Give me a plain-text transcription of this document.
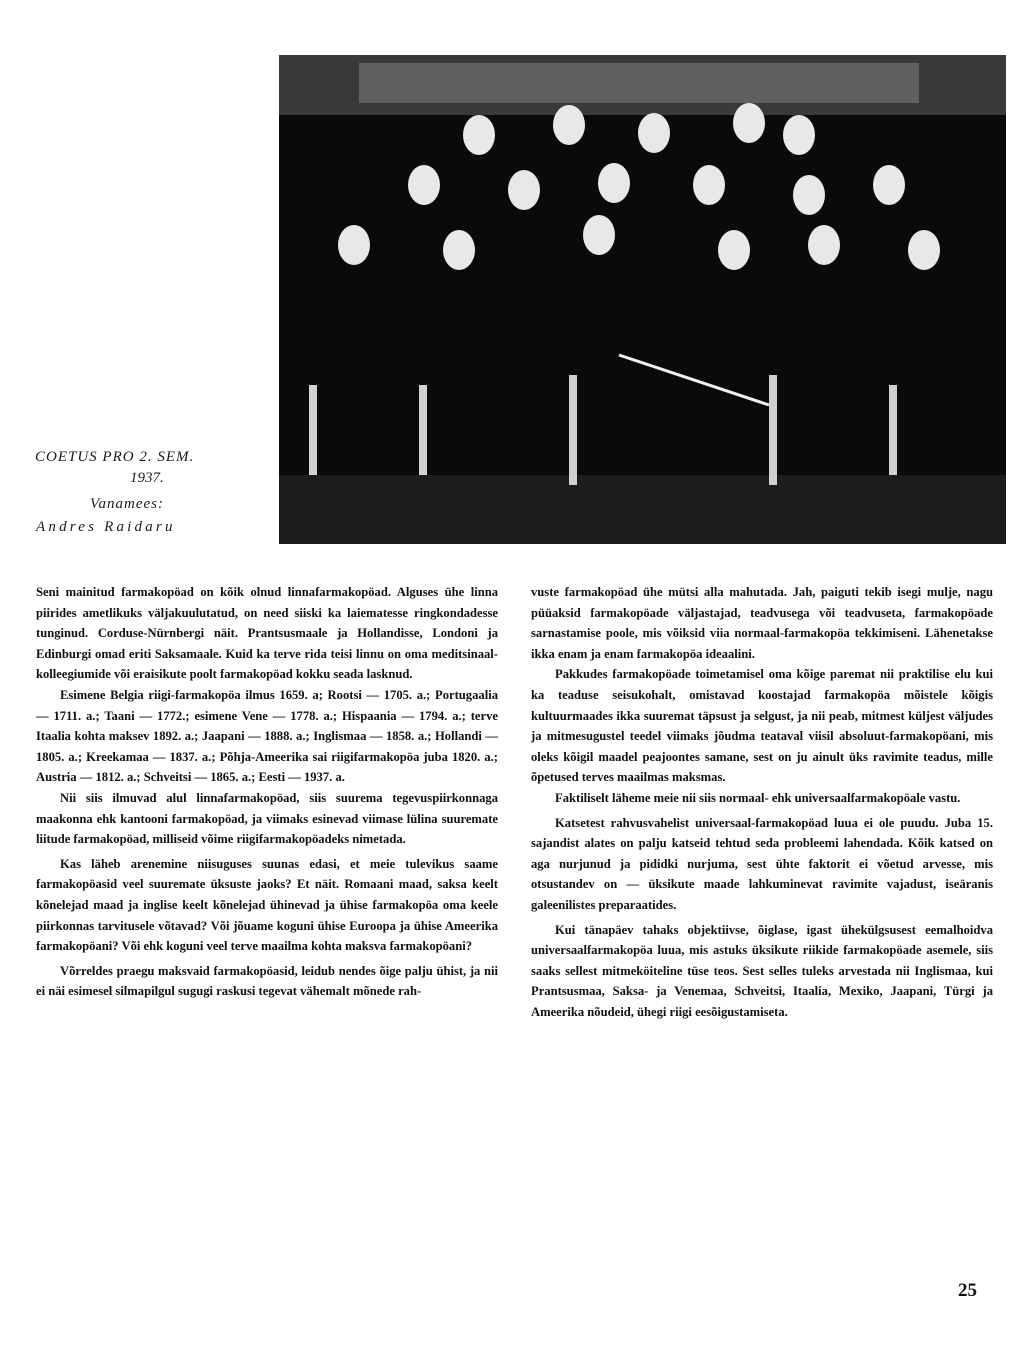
COETUS PRO 2. SEM.
1937.
Vanamees:
Andres Raidaru

Seni mainitud farmakopöad on kõik olnud linnafarmakopöad. Alguses ühe linna piirides ametlikuks väljakuulutatud, on need siiski ka laiematesse ringkondadesse tunginud. Corduse-Nürnbergi näit. Prantsusmaale ja Hollandisse, Londoni ja Edinburgi omad eriti Saksamaale. Kuid ka terve rida teisi linnu on oma meditsinaal-kolleegiumide või eraisikute poolt farmakopöad kokku seada lasknud.

Esimene Belgia riigi-farmakopöa ilmus 1659. a; Rootsi — 1705. a.; Portugaalia — 1711. a.; Taani — 1772.; esimene Vene — 1778. a.; Hispaania — 1794. a.; terve Itaalia kohta maksev 1892. a.; Jaapani — 1888. a.; Inglismaa — 1858. a.; Hollandi — 1805. a.; Kreekamaa — 1837. a.; Põhja-Ameerika sai riigifarmakopöa juba 1820. a.; Austria — 1812. a.; Schveitsi — 1865. a.; Eesti — 1937. a.

Nii siis ilmuvad alul linnafarmakopöad, siis suurema tegevuspiirkonnaga maakonna ehk kantooni farmakopöad, ja viimaks esinevad viimase lülina suuremate liitude farmakopöad, milliseid võime riigifarmakopöadeks nimetada.

Kas läheb arenemine niisuguses suunas edasi, et meie tulevikus saame farmakopöasid veel suuremate üksuste jaoks? Et näit. Romaani maad, saksa keelt kõnelejad maad ja inglise keelt kõnelejad ühinevad ja ühise farmakopöa oma keele piirkonnas tarvitusele võtavad? Või jõuame koguni ühise Euroopa ja ühise Ameerika farmakopöani? Või ehk koguni veel terve maailma kohta maksva farmakopöani?

Võrreldes praegu maksvaid farmakopöasid, leidub nendes õige palju ühist, ja nii ei näi esimesel silmapilgul sugugi raskusi tegevat vähemalt mõnede rah-

vuste farmakopöad ühe mütsi alla mahutada. Jah, paiguti tekib isegi mulje, nagu püüaksid farmakopöade väljastajad, teadvusega või teadvuseta, farmakopöade sarnastamise poole, mis võiksid viia normaal-farmakopöa tekkimiseni. Lähenetakse ikka enam ja enam farmakopöa ideaalini.

Pakkudes farmakopöade toimetamisel oma kõige paremat nii praktilise elu kui ka teaduse seisukohalt, omistavad koostajad farmakopöa mõistele kõigis kultuurmaades ikka suuremat täpsust ja selgust, ja nii peab, mitmest küljest väljudes ja mitmesugustel teedel viimaks jõudma teataval viisil absoluut-farmakopöani, mis oleks kõigil maadel peajoontes samane, sest on ju ainult üks ravimite teadus, mille õpetused terves maailmas maksmas.

Faktiliselt läheme meie nii siis normaal- ehk universaalfarmakopöale vastu.

Katsetest rahvusvahelist universaal-farmakopöad luua ei ole puudu. Juba 15. sajandist alates on palju katseid tehtud seda probleemi lahendada. Kõik katsed on aga nurjunud ja pididki nurjuma, sest ühte faktorit ei võetud arvesse, mis otsustandev on — üksikute maade lahkuminevat ravimite vajadust, iseäranis galeenilistes preparaatides.

Kui tänapäev tahaks objektiivse, õiglase, igast ühekülgsusest eemalhoidva universaalfarmakopöa luua, mis astuks üksikute riikide farmakopöade asemele, siis saaks sellest mitmeköiteline tüse teos. Sest selles tuleks arvestada nii Inglismaa, kui Prantsusmaa, Saksa- ja Venemaa, Schveitsi, Itaalia, Mexiko, Jaapani, Türgi ja Ameerika nõudeid, ühegi riigi eesõigustamiseta.

25
